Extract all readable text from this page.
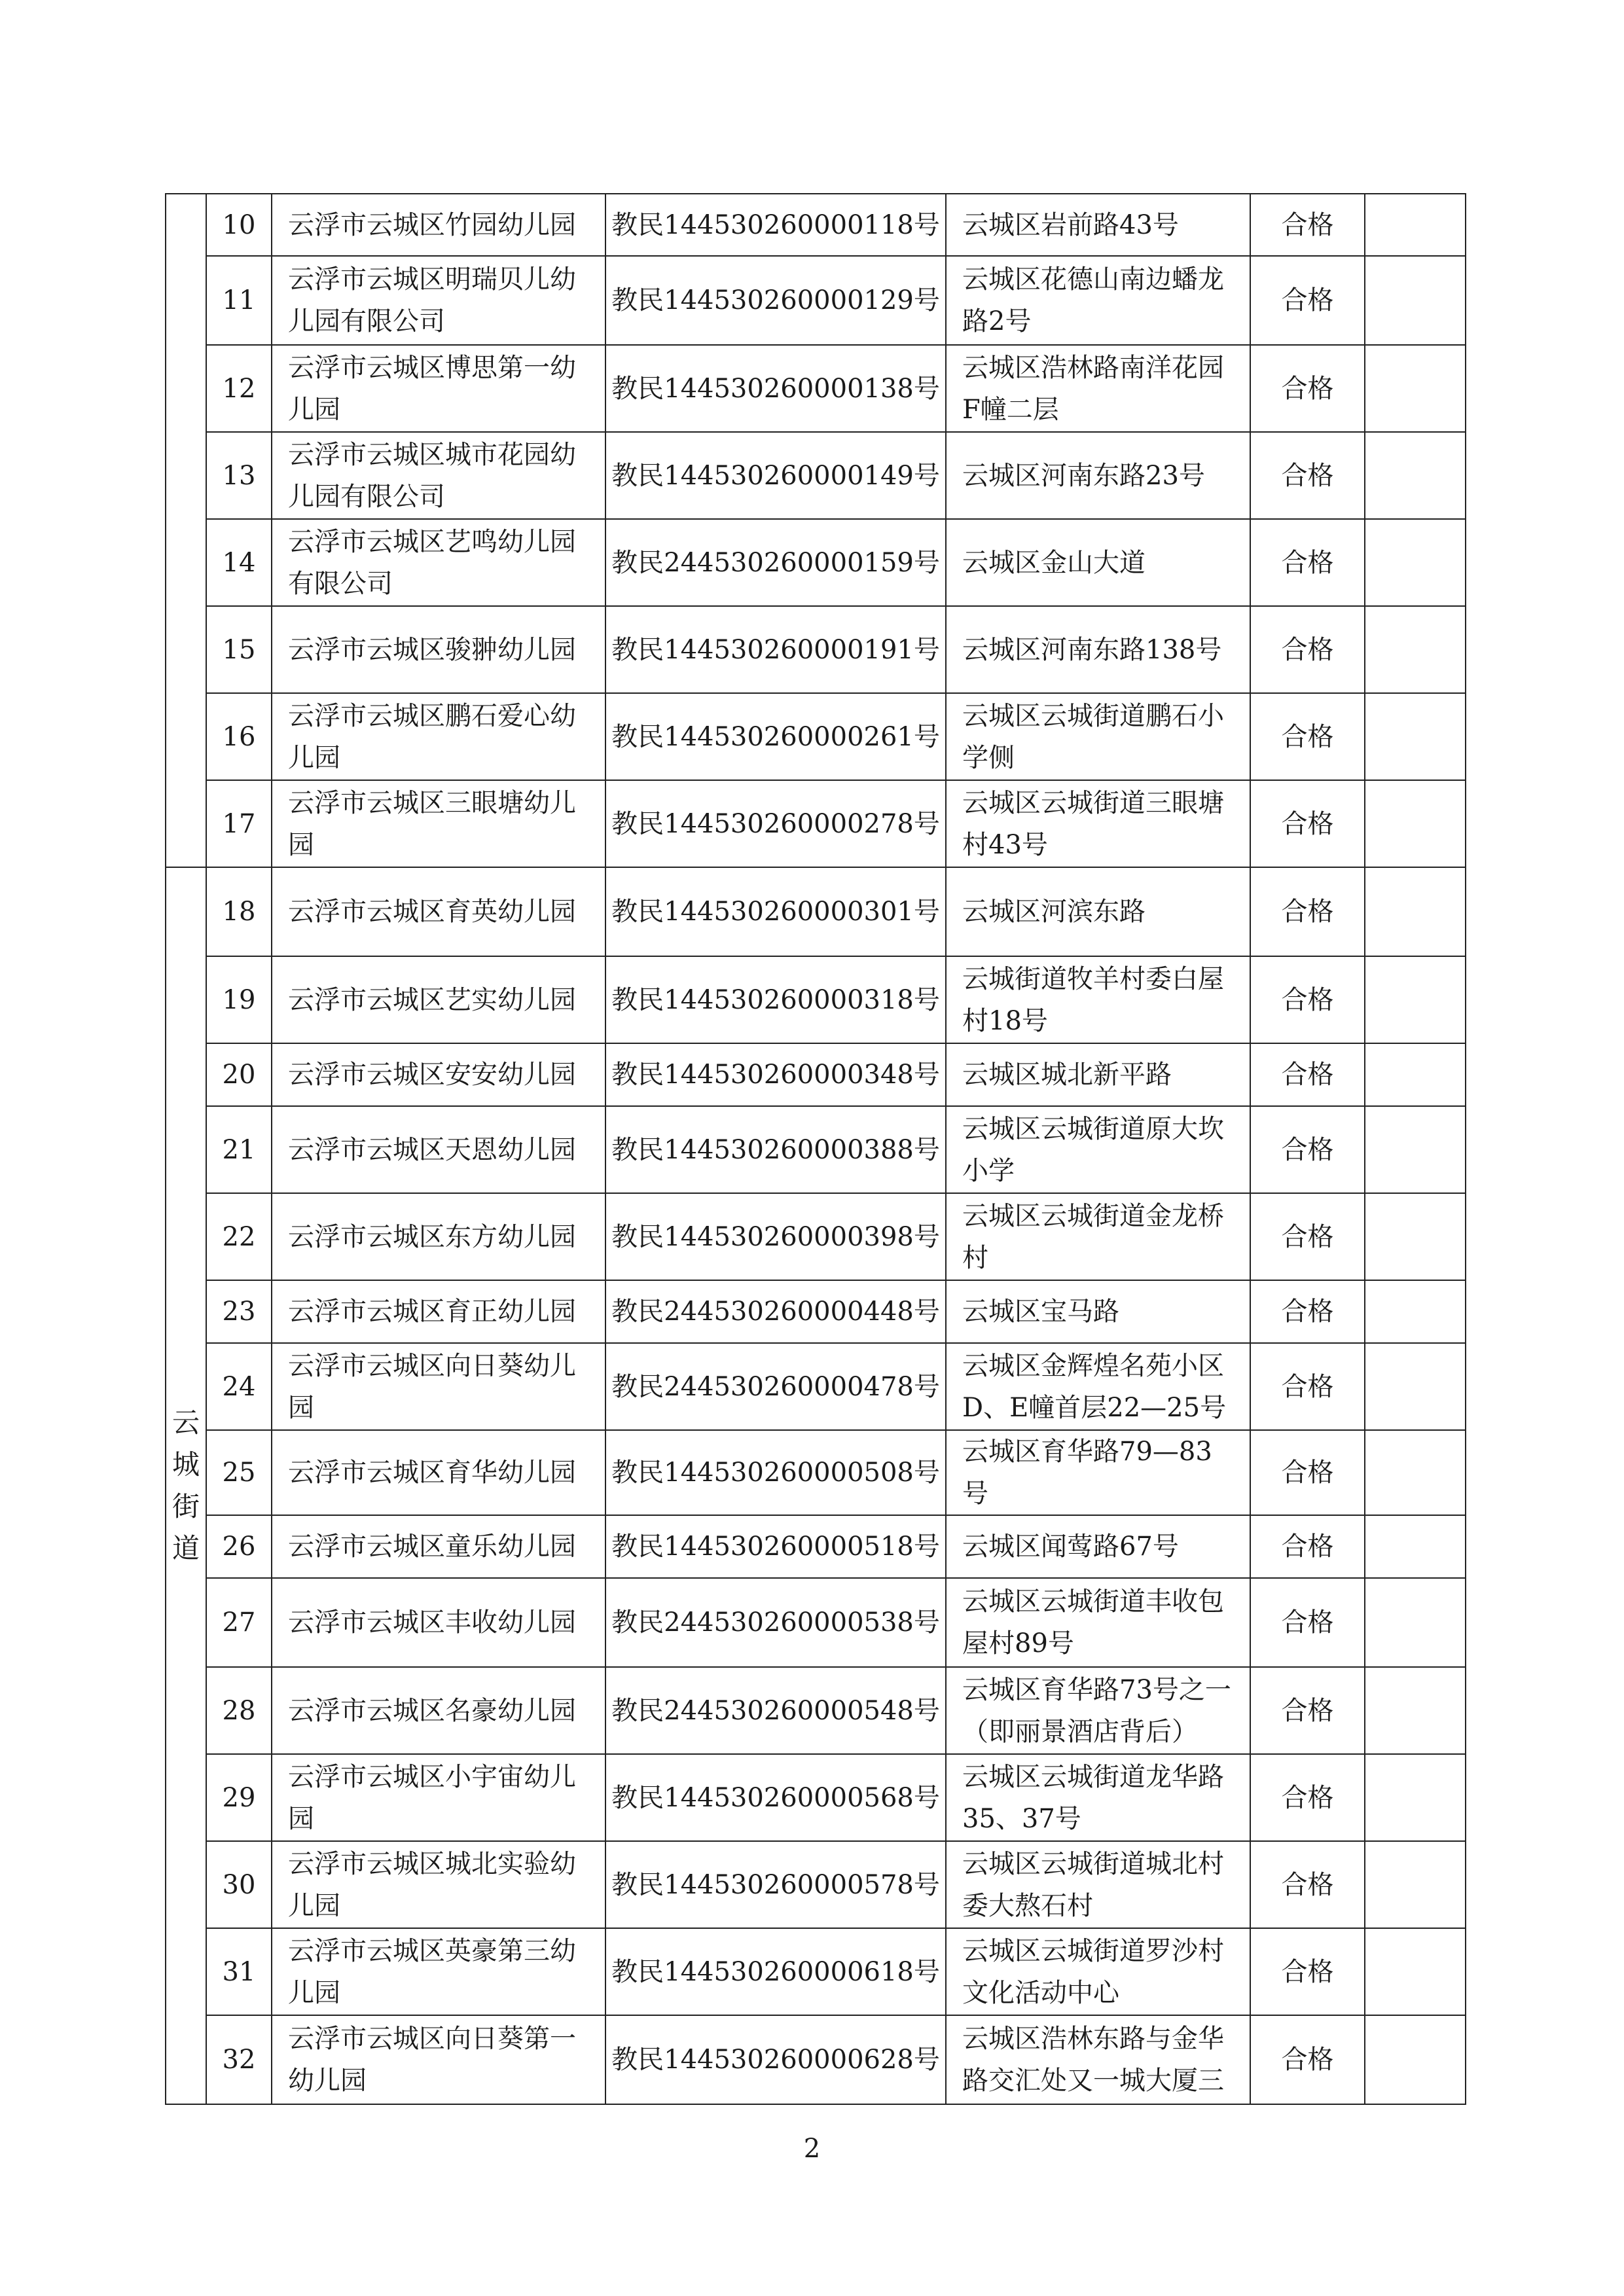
	10	云浮市云城区竹园幼儿园	教民144530260000118号	云城区岩前路43号	合格	
	11	云浮市云城区明瑞贝儿幼儿园有限公司	教民144530260000129号	云城区花德山南边蟠龙路2号	合格	
	12	云浮市云城区博思第一幼儿园	教民144530260000138号	云城区浩林路南洋花园F幢二层	合格	
	13	云浮市云城区城市花园幼儿园有限公司	教民144530260000149号	云城区河南东路23号	合格	
	14	云浮市云城区艺鸣幼儿园有限公司	教民244530260000159号	云城区金山大道	合格	
	15	云浮市云城区骏翀幼儿园	教民144530260000191号	云城区河南东路138号	合格	
	16	云浮市云城区鹏石爱心幼儿园	教民144530260000261号	云城区云城街道鹏石小学侧	合格	
	17	云浮市云城区三眼塘幼儿园	教民144530260000278号	云城区云城街道三眼塘村43号	合格	
云城街道	18	云浮市云城区育英幼儿园	教民144530260000301号	云城区河滨东路	合格	
	19	云浮市云城区艺实幼儿园	教民144530260000318号	云城街道牧羊村委白屋村18号	合格	
	20	云浮市云城区安安幼儿园	教民144530260000348号	云城区城北新平路	合格	
	21	云浮市云城区天恩幼儿园	教民144530260000388号	云城区云城街道原大坎小学	合格	
	22	云浮市云城区东方幼儿园	教民144530260000398号	云城区云城街道金龙桥村	合格	
	23	云浮市云城区育正幼儿园	教民244530260000448号	云城区宝马路	合格	
	24	云浮市云城区向日葵幼儿园	教民244530260000478号	云城区金辉煌名苑小区D、E幢首层22—25号	合格	
	25	云浮市云城区育华幼儿园	教民144530260000508号	云城区育华路79—83号	合格	
	26	云浮市云城区童乐幼儿园	教民144530260000518号	云城区闻莺路67号	合格	
	27	云浮市云城区丰收幼儿园	教民244530260000538号	云城区云城街道丰收包屋村89号	合格	
	28	云浮市云城区名豪幼儿园	教民244530260000548号	云城区育华路73号之一（即丽景酒店背后）	合格	
	29	云浮市云城区小宇宙幼儿园	教民144530260000568号	云城区云城街道龙华路35、37号	合格	
	30	云浮市云城区城北实验幼儿园	教民144530260000578号	云城区云城街道城北村委大熬石村	合格	
	31	云浮市云城区英豪第三幼儿园	教民144530260000618号	云城区云城街道罗沙村文化活动中心	合格	
	32	云浮市云城区向日葵第一幼儿园	教民144530260000628号	云城区浩林东路与金华路交汇处又一城大厦三	合格	
2
